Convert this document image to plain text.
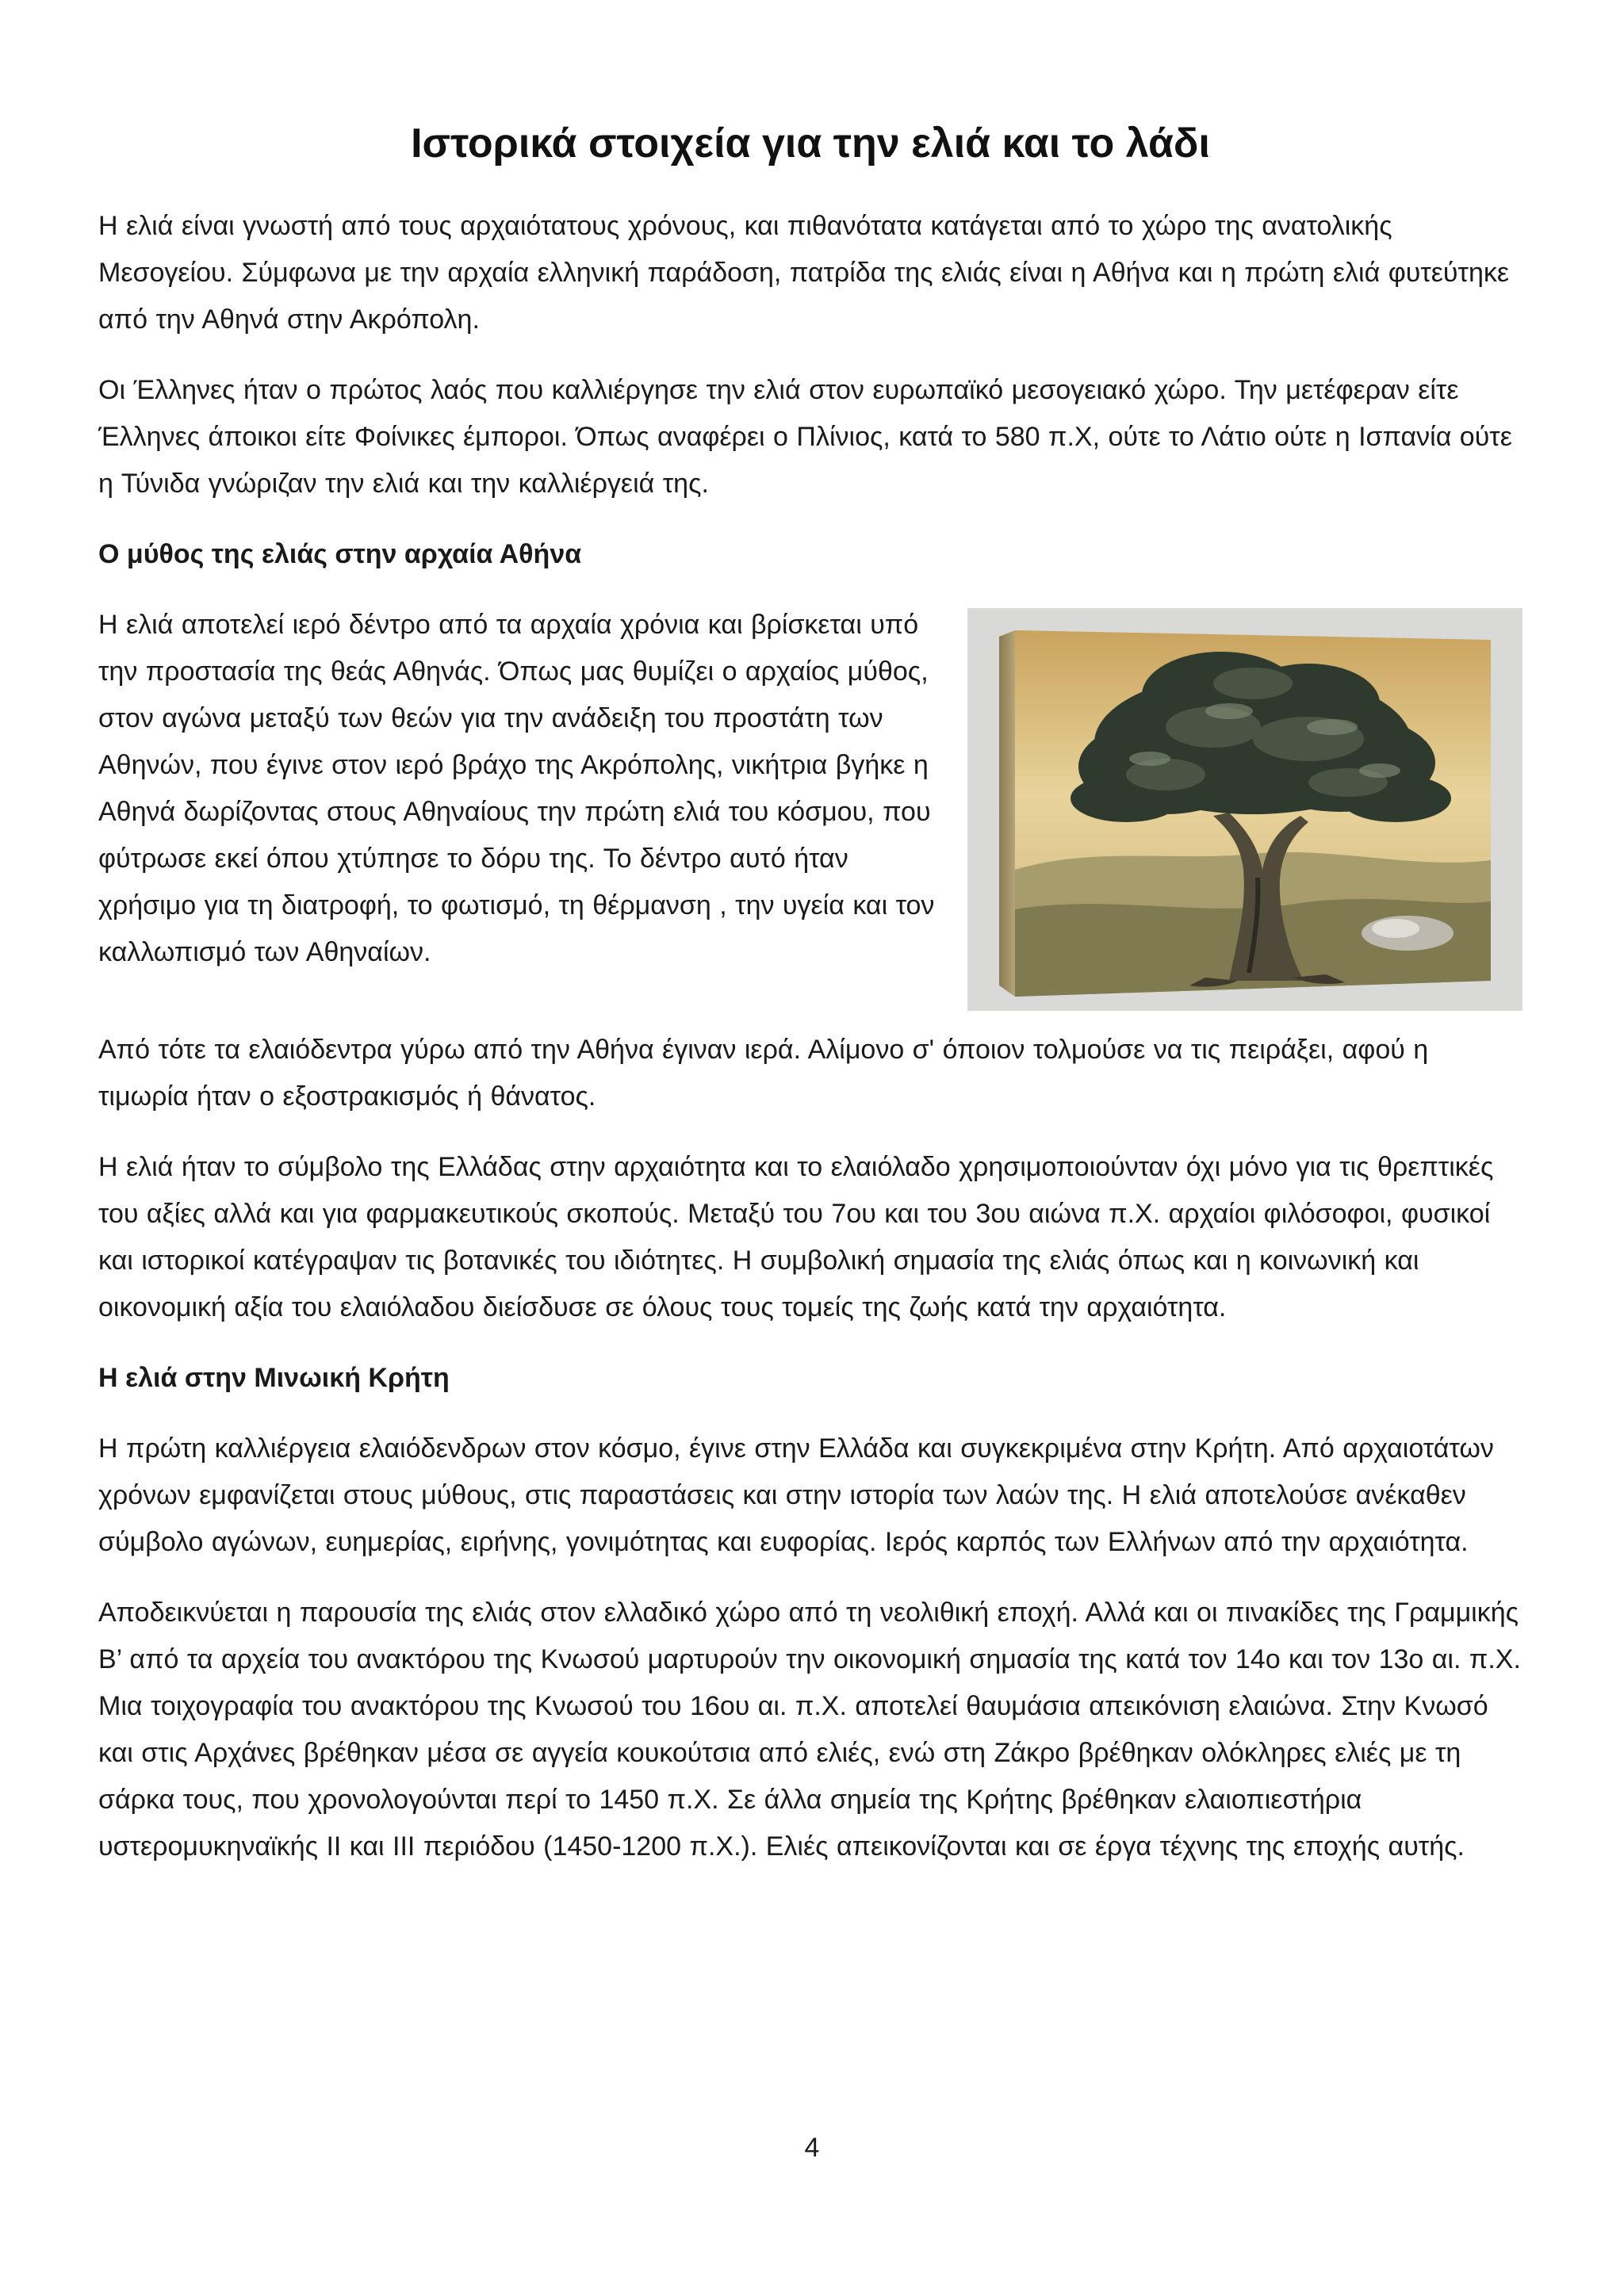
Ιστορικά στοιχεία για την ελιά και το λάδι

Η ελιά είναι γνωστή από τους αρχαιότατους χρόνους, και πιθανότατα κατάγεται από το χώρο της ανατολικής Μεσογείου. Σύμφωνα με την αρχαία ελληνική παράδοση, πατρίδα της ελιάς είναι η Αθήνα και η πρώτη ελιά φυτεύτηκε από την Αθηνά στην Ακρόπολη.

Οι Έλληνες ήταν ο πρώτος λαός που καλλιέργησε την ελιά στον ευρωπαϊκό μεσογειακό χώρο. Την μετέφεραν είτε Έλληνες άποικοι είτε Φοίνικες έμποροι. Όπως αναφέρει ο Πλίνιος, κατά το 580 π.Χ, ούτε το Λάτιο ούτε η Ισπανία ούτε η Τύνιδα γνώριζαν την ελιά και την καλλιέργειά της.

Ο μύθος της ελιάς στην αρχαία Αθήνα

Η ελιά αποτελεί ιερό δέντρο από τα αρχαία χρόνια και βρίσκεται υπό την προστασία της θεάς Αθηνάς. Όπως μας θυμίζει ο αρχαίος μύθος, στον αγώνα μεταξύ των θεών για την ανάδειξη του προστάτη των Αθηνών, που έγινε στον ιερό βράχο της Ακρόπολης, νικήτρια βγήκε η Αθηνά δωρίζοντας στους Αθηναίους την πρώτη ελιά του κόσμου, που φύτρωσε εκεί όπου χτύπησε το δόρυ της. Το δέντρο αυτό ήταν χρήσιμο για τη διατροφή, το φωτισμό, τη θέρμανση , την υγεία και τον καλλωπισμό των Αθηναίων.

Από τότε τα ελαιόδεντρα γύρω από την Αθήνα έγιναν ιερά. Αλίμονο σ' όποιον τολμούσε να τις πειράξει, αφού η τιμωρία ήταν ο εξοστρακισμός ή θάνατος.

Η ελιά ήταν το σύμβολο της Ελλάδας στην αρχαιότητα και το ελαιόλαδο χρησιμοποιούνταν όχι μόνο για τις θρεπτικές του αξίες αλλά και για φαρμακευτικούς σκοπούς. Μεταξύ του 7ου και του 3ου αιώνα π.Χ. αρχαίοι φιλόσοφοι, φυσικοί και ιστορικοί κατέγραψαν τις βοτανικές του ιδιότητες. Η συμβολική σημασία της ελιάς όπως και η κοινωνική και οικονομική αξία του ελαιόλαδου διείσδυσε σε όλους τους τομείς της ζωής κατά την αρχαιότητα.

Η ελιά στην Μινωική Κρήτη

Η πρώτη καλλιέργεια ελαιόδενδρων στον κόσμο, έγινε στην Ελλάδα και συγκεκριμένα στην Κρήτη. Από αρχαιοτάτων χρόνων εμφανίζεται στους μύθους, στις παραστάσεις και στην ιστορία των λαών της. Η ελιά αποτελούσε ανέκαθεν σύμβολο αγώνων, ευημερίας, ειρήνης, γονιμότητας και ευφορίας. Ιερός καρπός των Ελλήνων από την αρχαιότητα.

Αποδεικνύεται η παρουσία της ελιάς στον ελλαδικό χώρο από τη νεολιθική εποχή. Αλλά και οι πινακίδες της Γραμμικής Β’ από τα αρχεία του ανακτόρου της Κνωσού μαρτυρούν την οικονομική σημασία της κατά τον 14ο και τον 13ο αι. π.Χ. Μια τοιχογραφία του ανακτόρου της Κνωσού του 16ου αι. π.Χ. αποτελεί θαυμάσια απεικόνιση ελαιώνα. Στην Κνωσό και στις Αρχάνες βρέθηκαν μέσα σε αγγεία κουκούτσια από ελιές, ενώ στη Ζάκρο βρέθηκαν ολόκληρες ελιές με τη σάρκα τους, που χρονολογούνται περί το 1450 π.Χ. Σε άλλα σημεία της Κρήτης βρέθηκαν ελαιοπιεστήρια υστερομυκηναϊκής ΙΙ και ΙΙΙ περιόδου (1450-1200 π.Χ.). Ελιές απεικονίζονται και σε έργα τέχνης της εποχής αυτής.

4
